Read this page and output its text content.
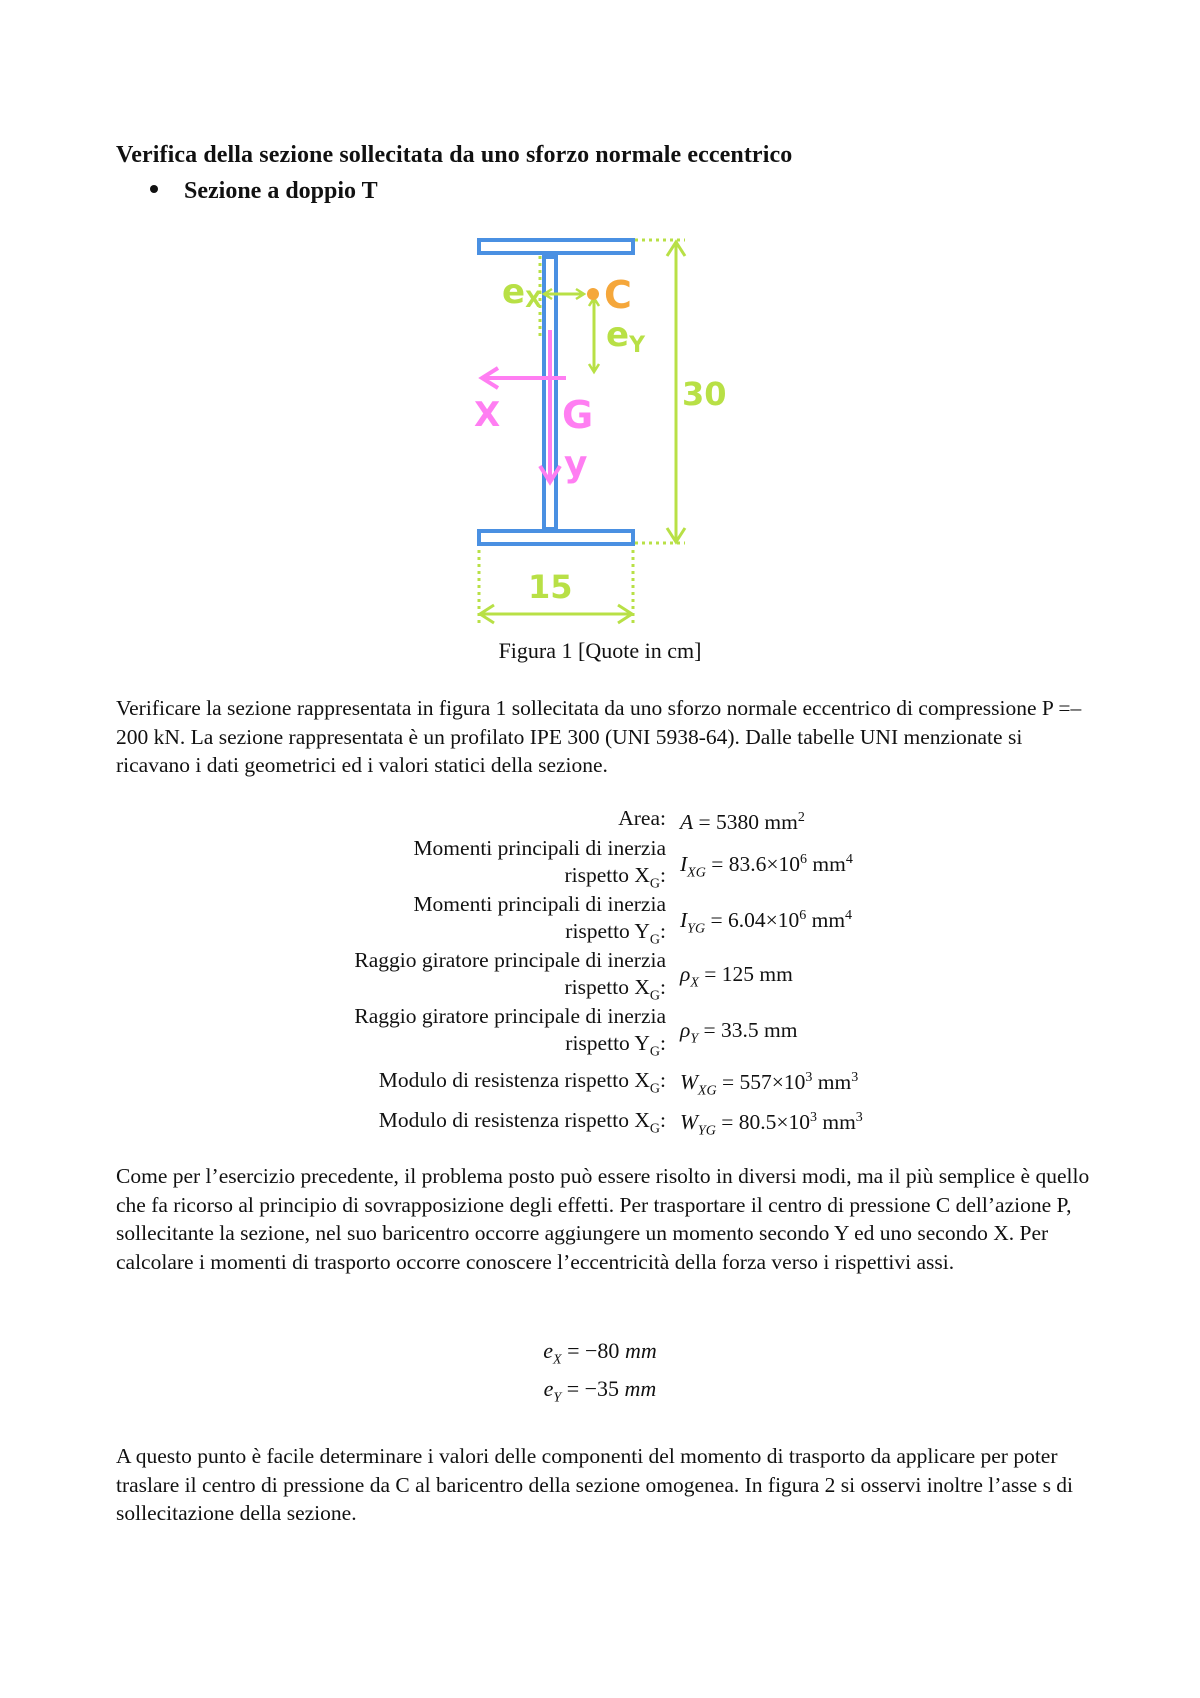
Verifica della sezione sollecitata da uno sforzo normale eccentrico
Sezione a doppio T
30
15
eX
eY
C
X G
y
Figura 1 [Quote in cm]

Verificare la sezione rappresentata in figura 1 sollecitata da uno sforzo normale eccentrico di compressione P =– 200 kN. La sezione rappresentata è un profilato IPE 300 (UNI 5938-64). Dalle tabelle UNI menzionate si ricavano i dati geometrici ed i valori statici della sezione.

Area: A = 5380 $mm^2$
Momenti principali di inerzia
rispetto $X_G$: $I_{XG} = 83.6\times 10^6$ $mm^4$
Momenti principali di inerzia
rispetto $Y_G$: $I_{YG} = 6.04\times 10^6$ $mm^4$
Raggio giratore principale di inerzia
rispetto $X_G$:
$\rho_X = 125$ mm
Raggio giratore principale di inerzia
rispetto $Y_G$:
$\rho_Y = 33.5$ mm
Modulo di resistenza rispetto $X_G$: $W_{XG} = 557\times 10^3$ $mm^3$
Modulo di resistenza rispetto $X_G$: $W_{YG} = 80.5\times 10^3$ $mm^3$

Come per l’esercizio precedente, il problema posto può essere risolto in diversi modi, ma il più semplice è quello che fa ricorso al principio di sovrapposizione degli effetti. Per trasportare il centro di pressione C dell’azione P, sollecitante la sezione, nel suo baricentro occorre aggiungere un momento secondo Y ed uno secondo X. Per calcolare i momenti di trasporto occorre conoscere l’eccentricità della forza verso i rispettivi assi.

$e_X = -80$ mm
$e_Y = -35$ mm

A questo punto è facile determinare i valori delle componenti del momento di trasporto da applicare per poter traslare il centro di pressione da C al baricentro della sezione omogenea. In figura 2 si osservi inoltre l’asse s di sollecitazione della sezione.
